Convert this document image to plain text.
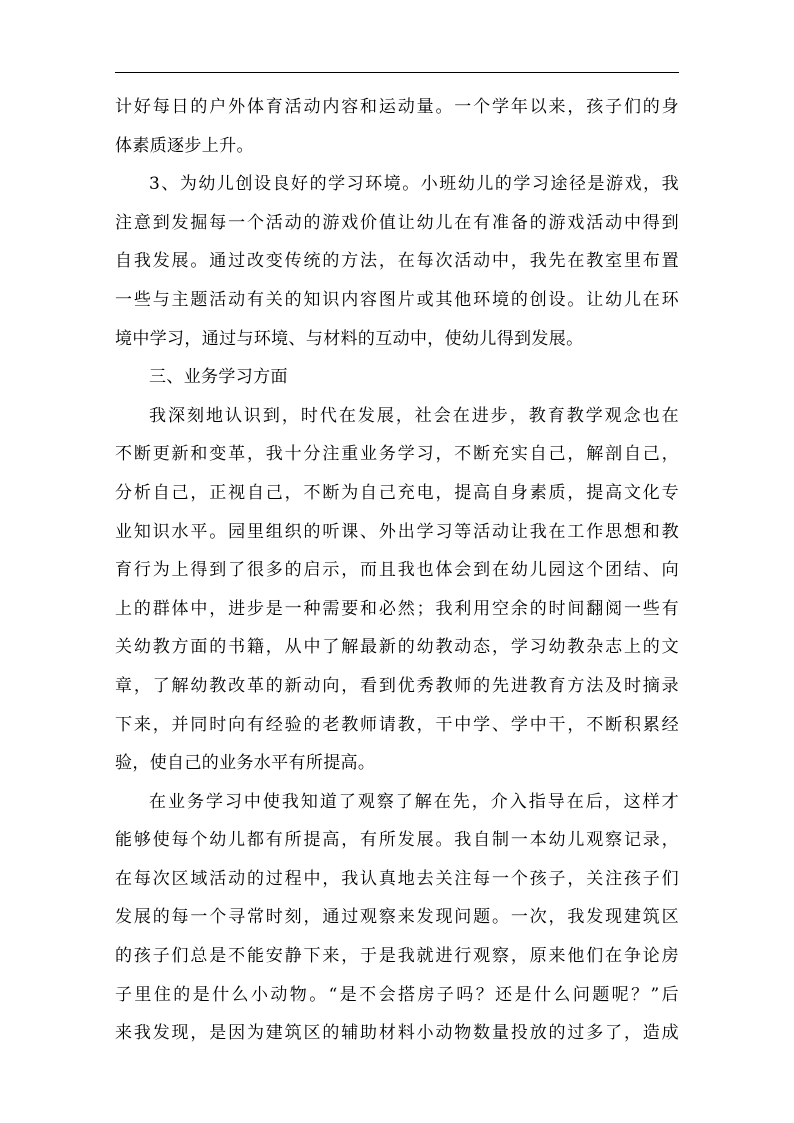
计好每日的户外体育活动内容和运动量。一个学年以来，孩子们的身
体素质逐步上升。
3、为幼儿创设良好的学习环境。小班幼儿的学习途径是游戏，我
注意到发掘每一个活动的游戏价值让幼儿在有准备的游戏活动中得到
自我发展。通过改变传统的方法，在每次活动中，我先在教室里布置
一些与主题活动有关的知识内容图片或其他环境的创设。让幼儿在环
境中学习，通过与环境、与材料的互动中，使幼儿得到发展。
三、业务学习方面
我深刻地认识到，时代在发展，社会在进步，教育教学观念也在
不断更新和变革，我十分注重业务学习，不断充实自己，解剖自己，
分析自己，正视自己，不断为自己充电，提高自身素质，提高文化专
业知识水平。园里组织的听课、外出学习等活动让我在工作思想和教
育行为上得到了很多的启示，而且我也体会到在幼儿园这个团结、向
上的群体中，进步是一种需要和必然；我利用空余的时间翻阅一些有
关幼教方面的书籍，从中了解最新的幼教动态，学习幼教杂志上的文
章，了解幼教改革的新动向，看到优秀教师的先进教育方法及时摘录
下来，并同时向有经验的老教师请教，干中学、学中干，不断积累经
验，使自己的业务水平有所提高。
在业务学习中使我知道了观察了解在先，介入指导在后，这样才
能够使每个幼儿都有所提高，有所发展。我自制一本幼儿观察记录，
在每次区域活动的过程中，我认真地去关注每一个孩子，关注孩子们
发展的每一个寻常时刻，通过观察来发现问题。一次，我发现建筑区
的孩子们总是不能安静下来，于是我就进行观察，原来他们在争论房
子里住的是什么小动物。“是不会搭房子吗？还是什么问题呢？”后
来我发现，是因为建筑区的辅助材料小动物数量投放的过多了，造成
